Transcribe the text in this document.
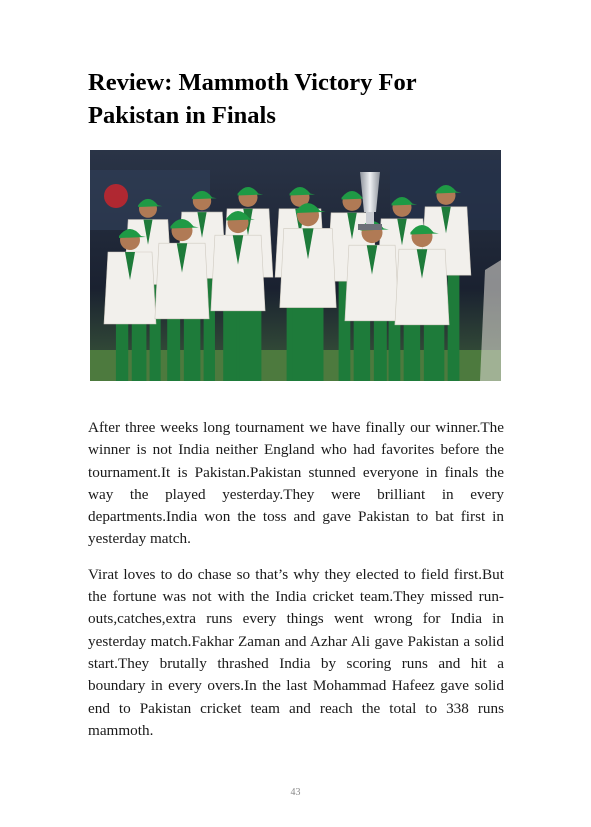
Review: Mammoth Victory For Pakistan in Finals

After three weeks long tournament we have finally our winner.The winner is not India neither England who had favorites before the tournament.It is Pakistan.Pakistan stunned everyone in finals the way the played yesterday.They were brilliant in every departments.India won the toss and gave Pakistan to bat first in yesterday match.

Virat loves to do chase so that’s why they elected to field first.But the fortune was not with the India cricket team.They missed run-outs,catches,extra runs every things went wrong for India in yesterday match.Fakhar Zaman and Azhar Ali gave Pakistan a solid start.They brutally thrashed India by scoring runs and hit a boundary in every overs.In the last Mohammad Hafeez gave solid end to Pakistan cricket team and reach the total to 338 runs mammoth.

43
